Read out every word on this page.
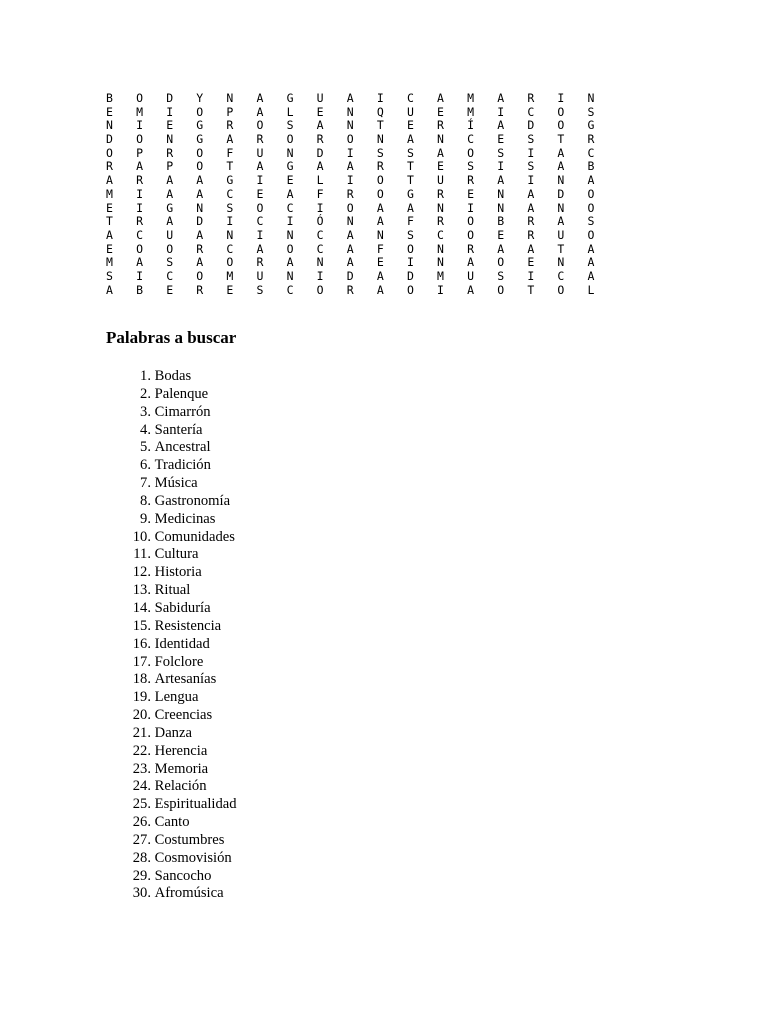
B	O	D	Y	N	A	G	U	A	I	C	A	M	A	R	I	N
E	M	I	O	P	A	L	E	N	Q	U	E	M	I	C	O	S
N	I	E	G	R	O	S	A	N	T	E	R	Í	A	D	O	G
D	O	N	G	A	R	O	R	O	N	A	N	C	E	S	T	R
O	P	R	O	F	U	N	D	I	S	S	A	O	S	I	A	C
R	A	P	O	T	A	G	A	A	R	T	E	S	I	S	A	B
A	R	A	A	G	I	E	L	I	O	T	U	R	A	I	N	A
M	I	A	A	C	E	A	F	R	O	G	R	E	N	A	D	O
E	I	G	N	S	O	C	I	O	A	A	N	I	N	A	N	O
T	R	A	D	I	C	I	Ó	N	A	F	R	O	B	R	A	S
A	C	U	A	N	I	N	C	A	N	S	C	O	E	R	U	O
E	O	O	R	C	A	O	C	A	F	O	N	R	A	A	T	A
M	A	S	A	O	R	A	N	A	E	I	N	A	O	E	N	A
S	I	C	O	M	U	N	I	D	A	D	M	U	S	I	C	A
A	B	E	R	E	S	C	O	R	A	O	I	A	O	T	O	L
Palabras a buscar
1.
Bodas
2.
Palenque
3.
Cimarrón
4.
Santería
5.
Ancestral
6.
Tradición
7.
Música
8.
Gastronomía
9.
Medicinas
10.
Comunidades
11.
Cultura
12.
Historia
13.
Ritual
14.
Sabiduría
15.
Resistencia
16.
Identidad
17.
Folclore
18.
Artesanías
19.
Lengua
20.
Creencias
21.
Danza
22.
Herencia
23.
Memoria
24.
Relación
25.
Espiritualidad
26.
Canto
27.
Costumbres
28.
Cosmovisión
29.
Sancocho
30.
Afromúsica
